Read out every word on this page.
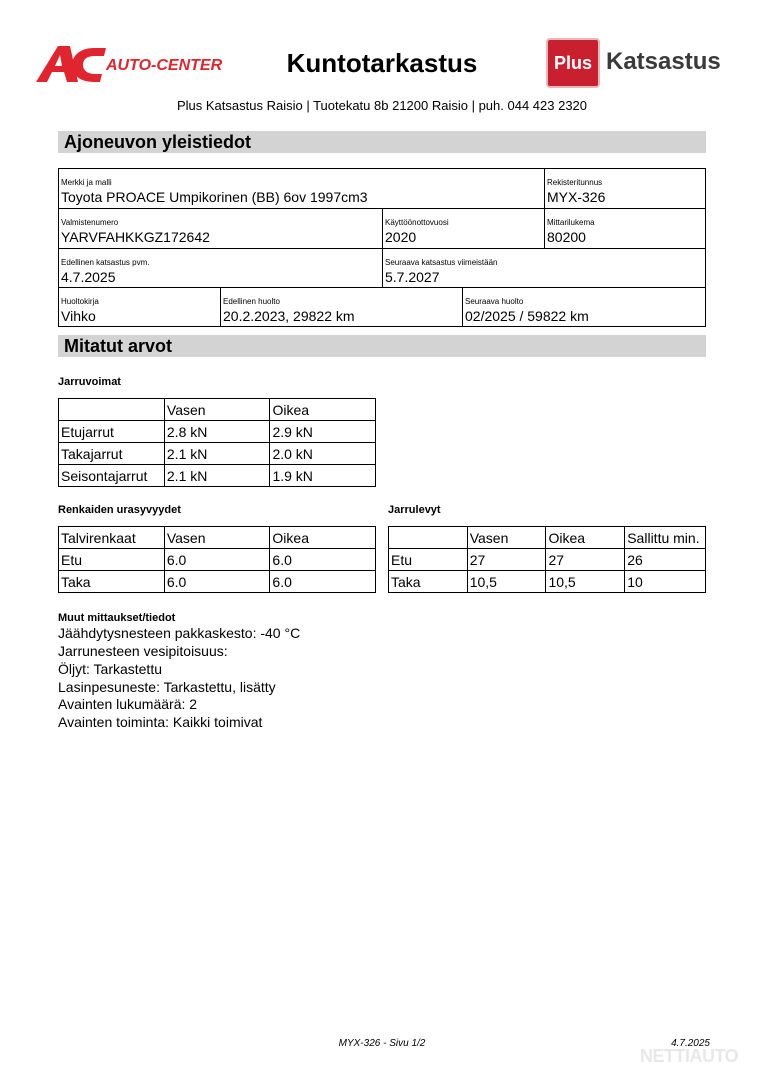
AUTO-CENTER	Kuntotarkastus	Plus Katsastus
Plus Katsastus Raisio | Tuotekatu 8b 21200 Raisio | puh. 044 423 2320
Ajoneuvon yleistiedot
Merkki ja malli
Toyota PROACE Umpikorinen (BB) 6ov 1997cm3
Rekisteritunnus
MYX-326
Valmistenumero
YARVFAHKKGZ172642
Käyttöönottovuosi
2020
Mittarilukema
80200
Edellinen katsastus pvm.
4.7.2025
Seuraava katsastus viimeistään
5.7.2027
Huoltokirja
Vihko
Edellinen huolto
20.2.2023, 29822 km
Seuraava huolto
02/2025 / 59822 km
Mitatut arvot
Jarruvoimat
	Vasen	Oikea
Etujarrut	2.8 kN	2.9 kN
Takajarrut	2.1 kN	2.0 kN
Seisontajarrut	2.1 kN	1.9 kN
Renkaiden urasyvyydet
Talvirenkaat	Vasen	Oikea
Etu	6.0	6.0
Taka	6.0	6.0
Jarrulevyt
	Vasen	Oikea	Sallittu min.
Etu	27	27	26
Taka	10,5	10,5	10
Muut mittaukset/tiedot
Jäähdytysnesteen pakkaskesto: -40 °C
Jarrunesteen vesipitoisuus:
Öljyt: Tarkastettu
Lasinpesuneste: Tarkastettu, lisätty
Avainten lukumäärä: 2
Avainten toiminta: Kaikki toimivat
MYX-326 - Sivu 1/2	4.7.2025
NETTIAUTO
